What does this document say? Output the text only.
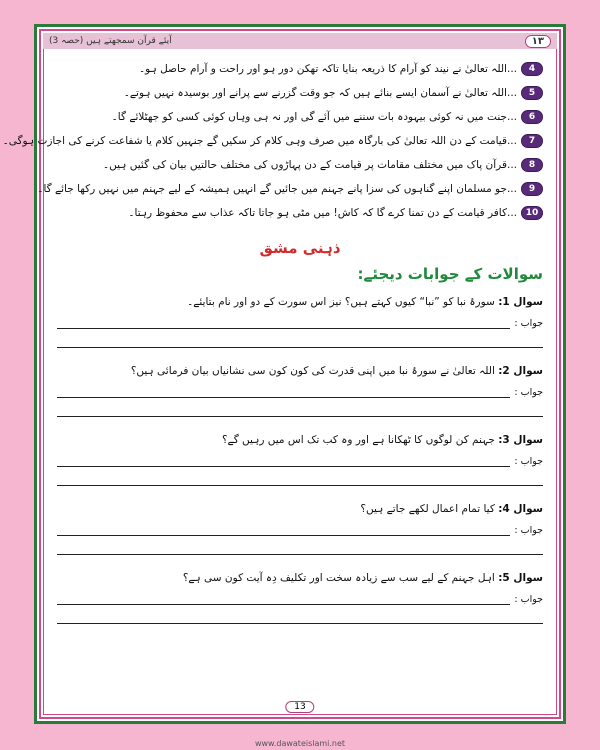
۱۳
آیئے قرآن سمجھتے ہیں (حصہ 3)
4
...اللہ تعالیٰ نے نیند کو آرام کا ذریعہ بنایا تاکہ تھکن دور ہو اور راحت و آرام حاصل ہو۔
5
...اللہ تعالیٰ نے آسمان ایسے بنائے ہیں کہ جو وقت گزرنے سے پرانے اور بوسیدہ نہیں ہوتے۔
6
...جنت میں نہ کوئی بیہودہ بات سننے میں آئے گی اور نہ ہی وہاں کوئی کسی کو جھٹلائے گا۔
7
...قیامت کے دن اللہ تعالیٰ کی بارگاہ میں صرف وہی کلام کر سکیں گے جنہیں کلام یا شفاعت کرنے کی اجازت ہوگی۔
8
...قرآن پاک میں مختلف مقامات پر قیامت کے دن پہاڑوں کی مختلف حالتیں بیان کی گئیں ہیں۔
9
...جو مسلمان اپنے گناہوں کی سزا پانے جہنم میں جائیں گے انہیں ہمیشہ کے لیے جہنم میں نہیں رکھا جائے گا۔
10
...کافر قیامت کے دن تمنا کرے گا کہ کاش! میں مٹی ہو جاتا تاکہ عذاب سے محفوظ رہتا۔
ذہنی مشق
سوالات کے جوابات دیجئے:
سوال 1: سورۂ نبا کو ”نبا“ کیوں کہتے ہیں؟ نیز اس سورت کے دو اور نام بتایئے۔
جواب :
سوال 2: اللہ تعالیٰ نے سورۂ نبا میں اپنی قدرت کی کون کون سی نشانیاں بیان فرمائی ہیں؟
جواب :
سوال 3: جہنم کن لوگوں کا ٹھکانا ہے اور وہ کب تک اس میں رہیں گے؟
جواب :
سوال 4: کیا تمام اعمال لکھے جاتے ہیں؟
جواب :
سوال 5: اہل جہنم کے لیے سب سے زیادہ سخت اور تکلیف دِہ آیت کون سی ہے؟
جواب :
13
www.dawateislami.net
